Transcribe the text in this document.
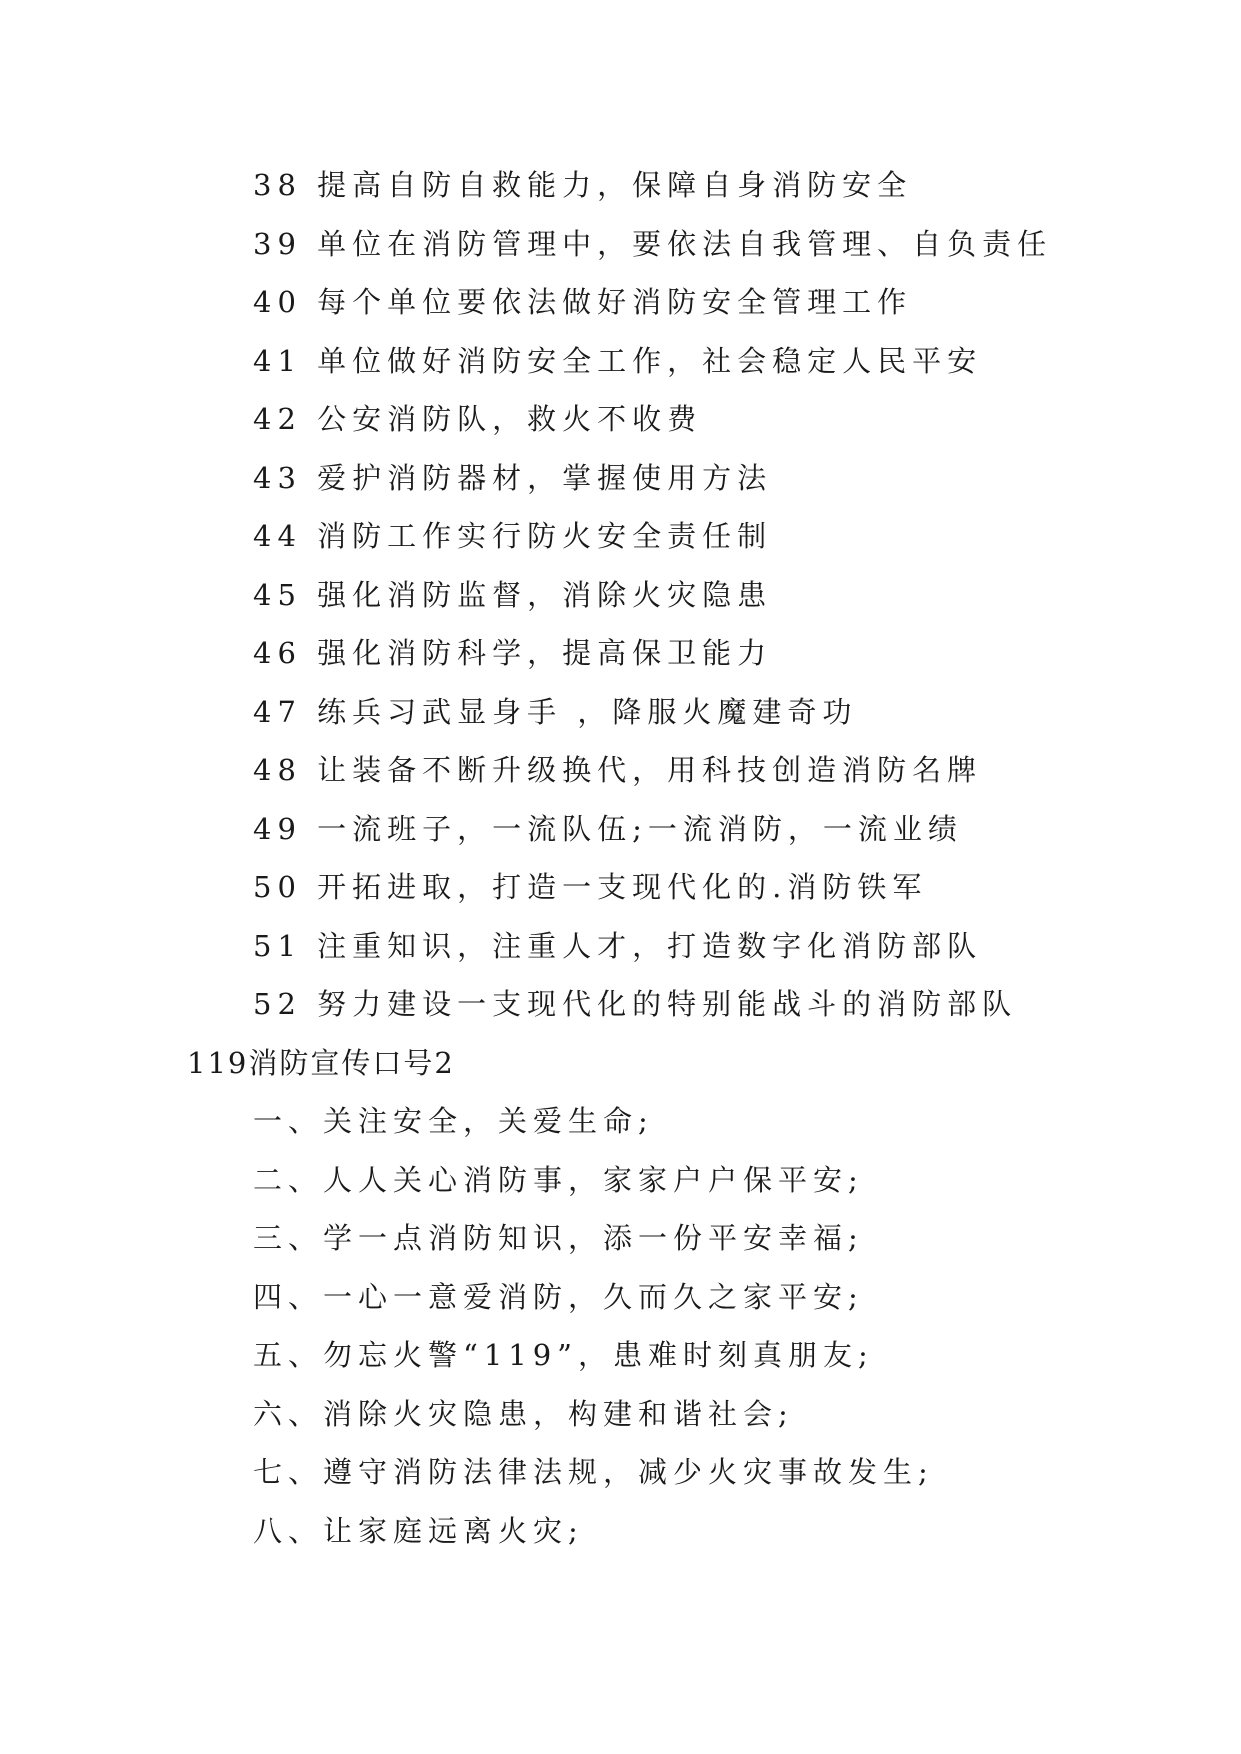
38 提高自防自救能力，保障自身消防安全
39 单位在消防管理中，要依法自我管理、自负责任
40 每个单位要依法做好消防安全管理工作
41 单位做好消防安全工作，社会稳定人民平安
42 公安消防队，救火不收费
43 爱护消防器材，掌握使用方法
44 消防工作实行防火安全责任制
45 强化消防监督，消除火灾隐患
46 强化消防科学，提高保卫能力
47 练兵习武显身手 ，降服火魔建奇功
48 让装备不断升级换代，用科技创造消防名牌
49 一流班子，一流队伍;一流消防，一流业绩
50 开拓进取，打造一支现代化的.消防铁军
51 注重知识，注重人才，打造数字化消防部队
52 努力建设一支现代化的特别能战斗的消防部队
119消防宣传口号2
一、关注安全，关爱生命;
二、人人关心消防事，家家户户保平安;
三、学一点消防知识，添一份平安幸福;
四、一心一意爱消防，久而久之家平安;
五、勿忘火警“119”，患难时刻真朋友;
六、消除火灾隐患，构建和谐社会;
七、遵守消防法律法规，减少火灾事故发生;
八、让家庭远离火灾;
